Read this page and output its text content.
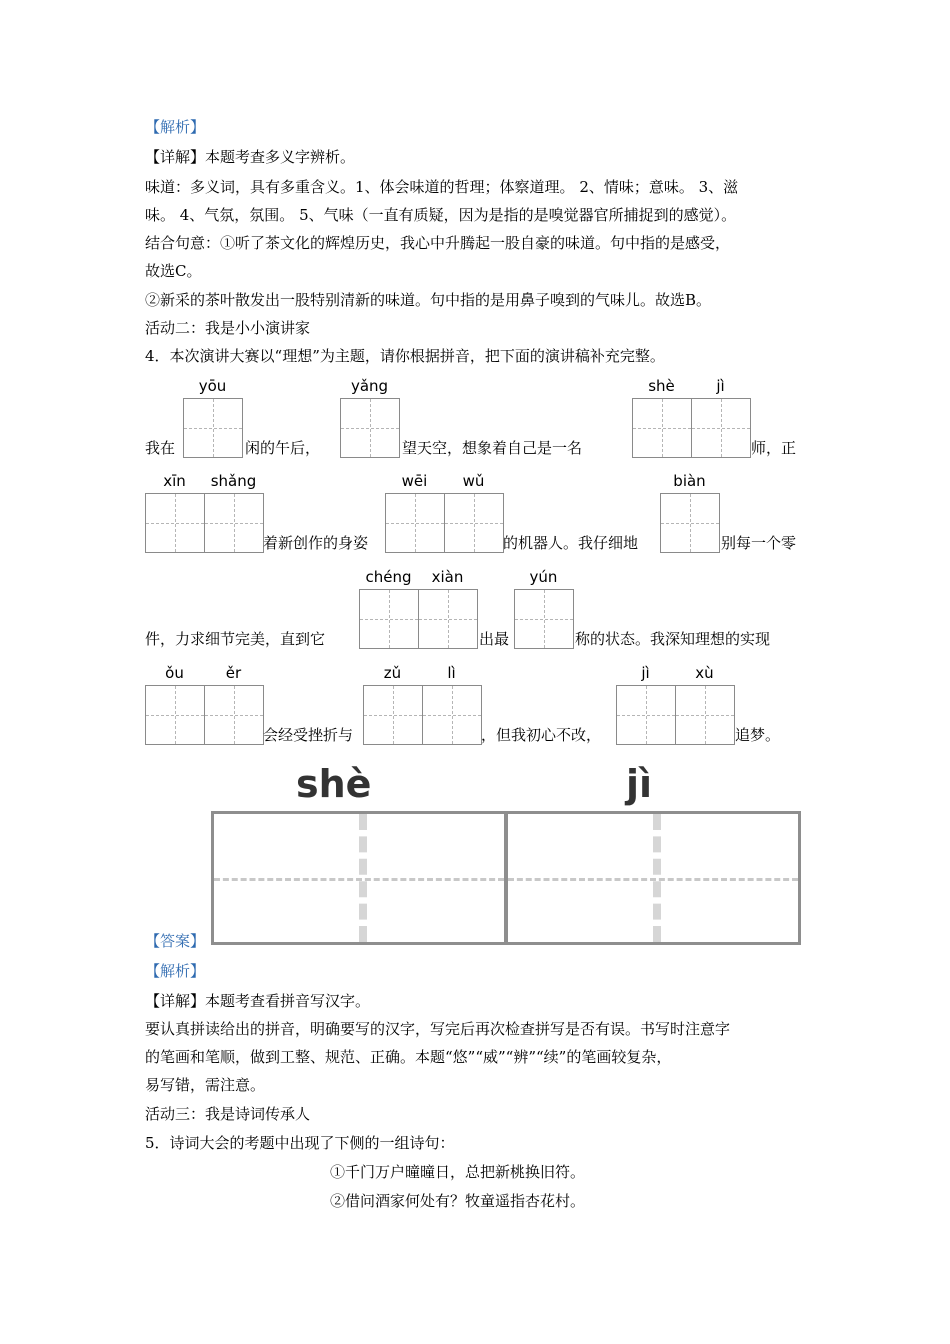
【解析】
【详解】本题考查多义字辨析。
味道：多义词，具有多重含义。1、体会味道的哲理；体察道理。 2、情味；意味。 3、滋
味。 4、气氛，氛围。 5、气味（一直有质疑，因为是指的是嗅觉器官所捕捉到的感觉）。
结合句意：①听了茶文化的辉煌历史，我心中升腾起一股自豪的味道。句中指的是感受，
故选C。
②新采的茶叶散发出一股特别清新的味道。句中指的是用鼻子嗅到的气味儿。故选B。
活动二：我是小小演讲家
4．本次演讲大赛以“理想”为主题，请你根据拼音，把下面的演讲稿补充完整。
我在
yōu
闲的午后，
yǎng
望天空，想象着自己是一名
shè	jì
师，正
xīn	shǎng
着新创作的身姿
wēi	wǔ
的机器人。我仔细地
biàn
别每一个零
件，力求细节完美，直到它
chéng	xiàn
出最
yún
称的状态。我深知理想的实现
ǒu	ěr
会经受挫折与
zǔ	lì
，但我初心不改，
jì	xù
追梦。
shè	jì
【答案】
【解析】
【详解】本题考查看拼音写汉字。
要认真拼读给出的拼音，明确要写的汉字，写完后再次检查拼写是否有误。书写时注意字
的笔画和笔顺，做到工整、规范、正确。本题“悠”“威”“辨”“续”的笔画较复杂，
易写错，需注意。
活动三：我是诗词传承人
5．诗词大会的考题中出现了下侧的一组诗句：
①千门万户曈曈日，总把新桃换旧符。
②借问酒家何处有？牧童遥指杏花村。
